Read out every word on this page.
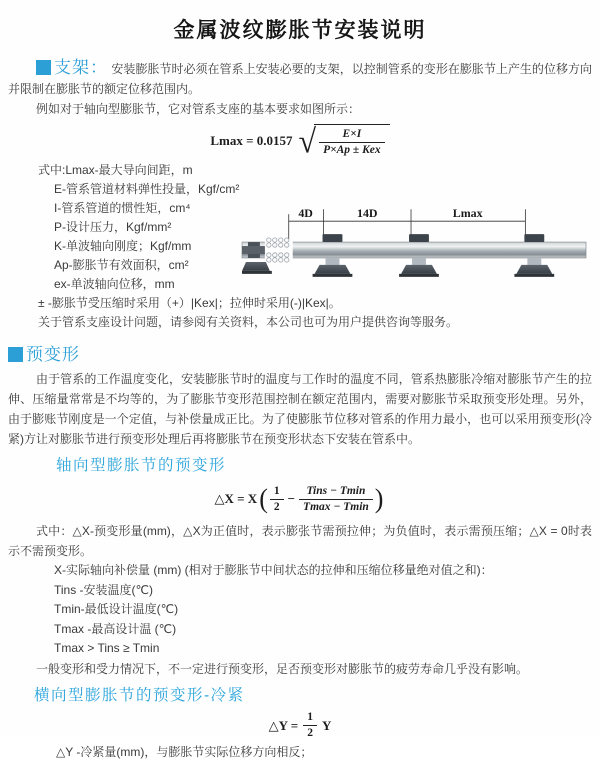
金属波纹膨胀节安装说明

支架： 安装膨胀节时必须在管系上安装必要的支架，以控制管系的变形在膨胀节上产生的位移方向并限制在膨胀节的额定位移范围内。

例如对于轴向型膨胀节，它对管系支座的基本要求如图所示：

Lmax = 0.0157 √ $\frac{E\times I}{\text{P×Ap ± Kex}}$
式中:Lmax-最大导向间距，m
E-管系管道材料弹性投量，Kgf/cm²
I-管系管道的惯性矩，cm⁴
P-设计压力，Kgf/mm²
K-单波轴向刚度；Kgf/mm
Ap-膨胀节有效面积，cm²
ex-单波轴向位移，mm
4D	14D	Lmax
± -膨胀节受压缩时采用（+）|Kex|；拉伸时采用(-)|Kex|。
关于管系支座设计问题，请参阅有关资料，本公司也可为用户提供咨询等服务。
预变形

由于管系的工作温度变化，安装膨胀节时的温度与工作时的温度不同，管系热膨胀冷缩对膨胀节产生的拉伸、压缩量常常是不均等的，为了膨胀节变形范围控制在额定范围内，需要对膨胀节采取预变形处理。另外，由于膨账节刚度是一个定值，与补偿量成正比。为了使膨胀节位移对管系的作用力最小，也可以采用预变形(冷紧)方让对膨胀节进行预变形处理后再将膨胀节在预变形状态下安装在管系中。

轴向型膨胀节的预变形
△X = X ( $\frac{1}{2} - \frac{\text{Tins − Tmin}}{Tmax - Tmin}$ )

式中：△X-预变形量(mm)，△X为正值时，表示膨张节需预拉伸；为负值时，表示需预压缩；△X = 0时表示不需预变形。

X-实际轴向补偿量 (mm) (相对于膨胀节中间状态的拉伸和压缩位移量绝对值之和)：
Tins -安装温度(℃)
Tmin-最低设计温度(℃)
Tmax -最高设计温 (℃)
Tmax > Tins ≥ Tmin

一般变形和受力情况下，不一定进行预变形，足否预变形对膨胀节的疲劳寿命几乎没有影响。

横向型膨胀节的预变形-冷紧
△Y = $\frac{1}{2}$ Y
△Y -冷紧量(mm)，与膨胀节实际位移方向相反；
